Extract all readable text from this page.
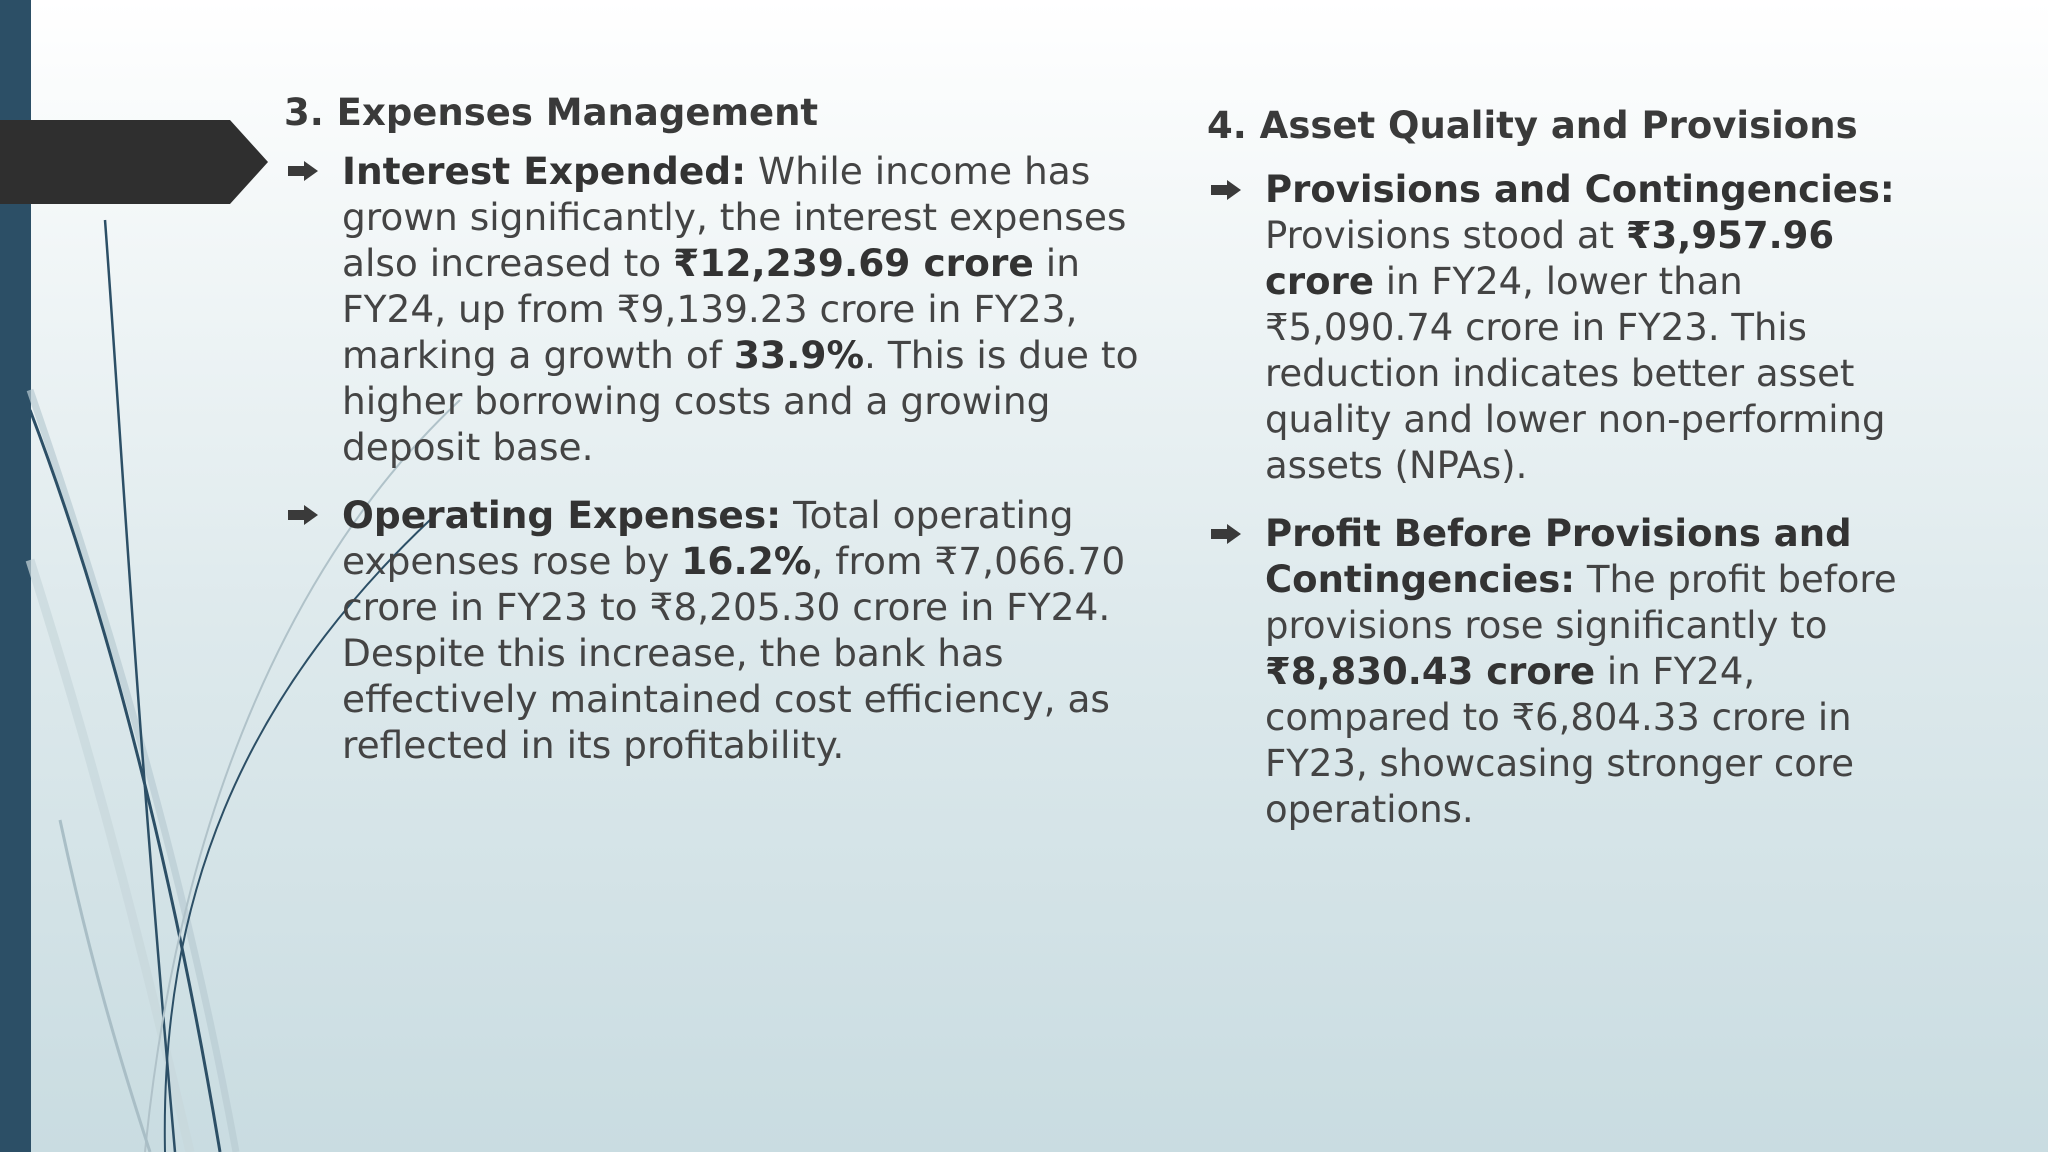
3. Expenses Management
Interest Expended: While income has grown significantly, the interest expenses also increased to ₹12,239.69 crore in FY24, up from ₹9,139.23 crore in FY23, marking a growth of 33.9%. This is due to higher borrowing costs and a growing deposit base.
Operating Expenses: Total operating expenses rose by 16.2%, from ₹7,066.70 crore in FY23 to ₹8,205.30 crore in FY24. Despite this increase, the bank has effectively maintained cost efficiency, as reflected in its profitability.
4. Asset Quality and Provisions
Provisions and Contingencies: Provisions stood at ₹3,957.96 crore in FY24, lower than ₹5,090.74 crore in FY23. This reduction indicates better asset quality and lower non-performing assets (NPAs).
Profit Before Provisions and Contingencies: The profit before provisions rose significantly to ₹8,830.43 crore in FY24, compared to ₹6,804.33 crore in FY23, showcasing stronger core operations.
